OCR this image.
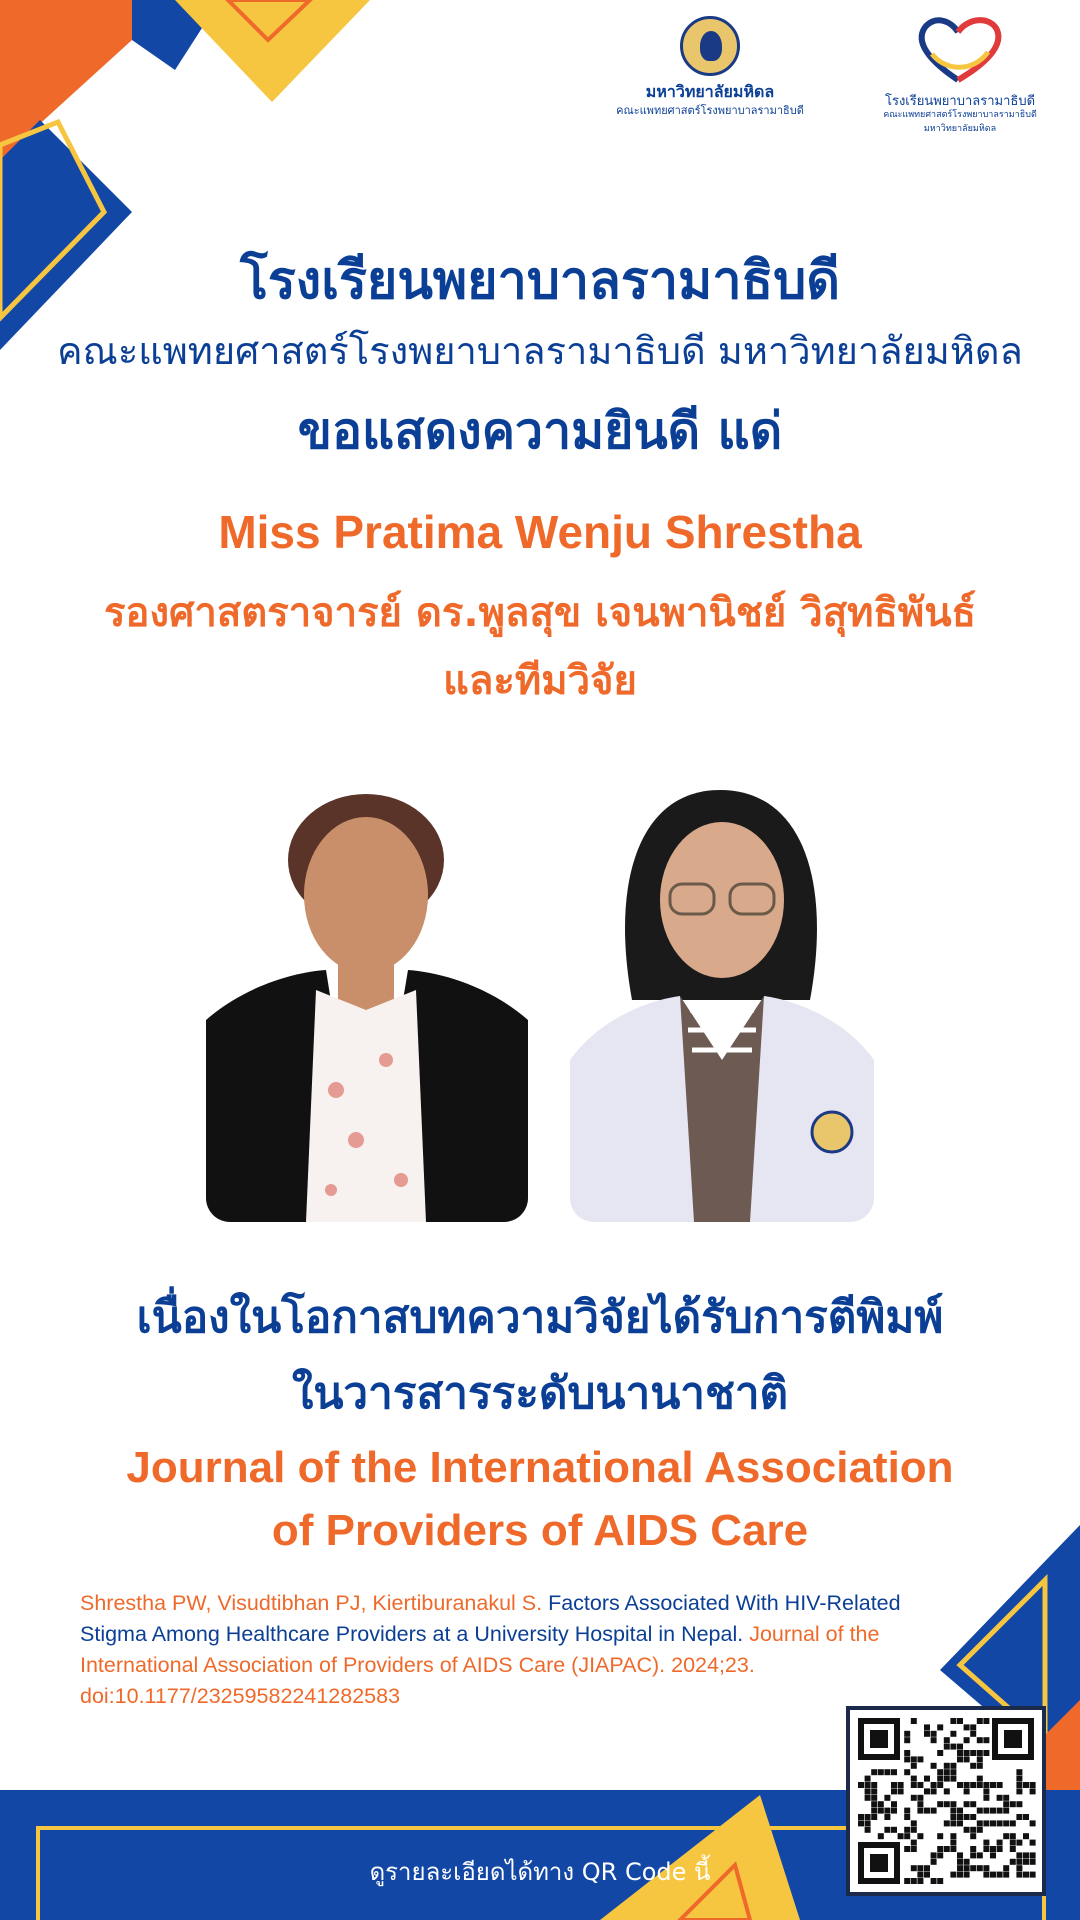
ดูรายละเอียดได้ทาง QR Code นี้
มหาวิทยาลัยมหิดล
คณะแพทยศาสตร์โรงพยาบาลรามาธิบดี
โรงเรียนพยาบาลรามาธิบดี
คณะแพทยศาสตร์โรงพยาบาลรามาธิบดี มหาวิทยาลัยมหิดล
โรงเรียนพยาบาลรามาธิบดี
คณะแพทยศาสตร์โรงพยาบาลรามาธิบดี มหาวิทยาลัยมหิดล
ขอแสดงความยินดี แด่
Miss Pratima Wenju Shrestha
รองศาสตราจารย์ ดร.พูลสุข เจนพานิชย์ วิสุทธิพันธ์
และทีมวิจัย
เนื่องในโอกาสบทความวิจัยได้รับการตีพิมพ์
ในวารสารระดับนานาชาติ
Journal of the International Association
of Providers of AIDS Care
Shrestha PW, Visudtibhan PJ, Kiertiburanakul S. Factors Associated With HIV-Related Stigma Among Healthcare Providers at a University Hospital in Nepal. Journal of the International Association of Providers of AIDS Care (JIAPAC). 2024;23. doi:10.1177/23259582241282583
